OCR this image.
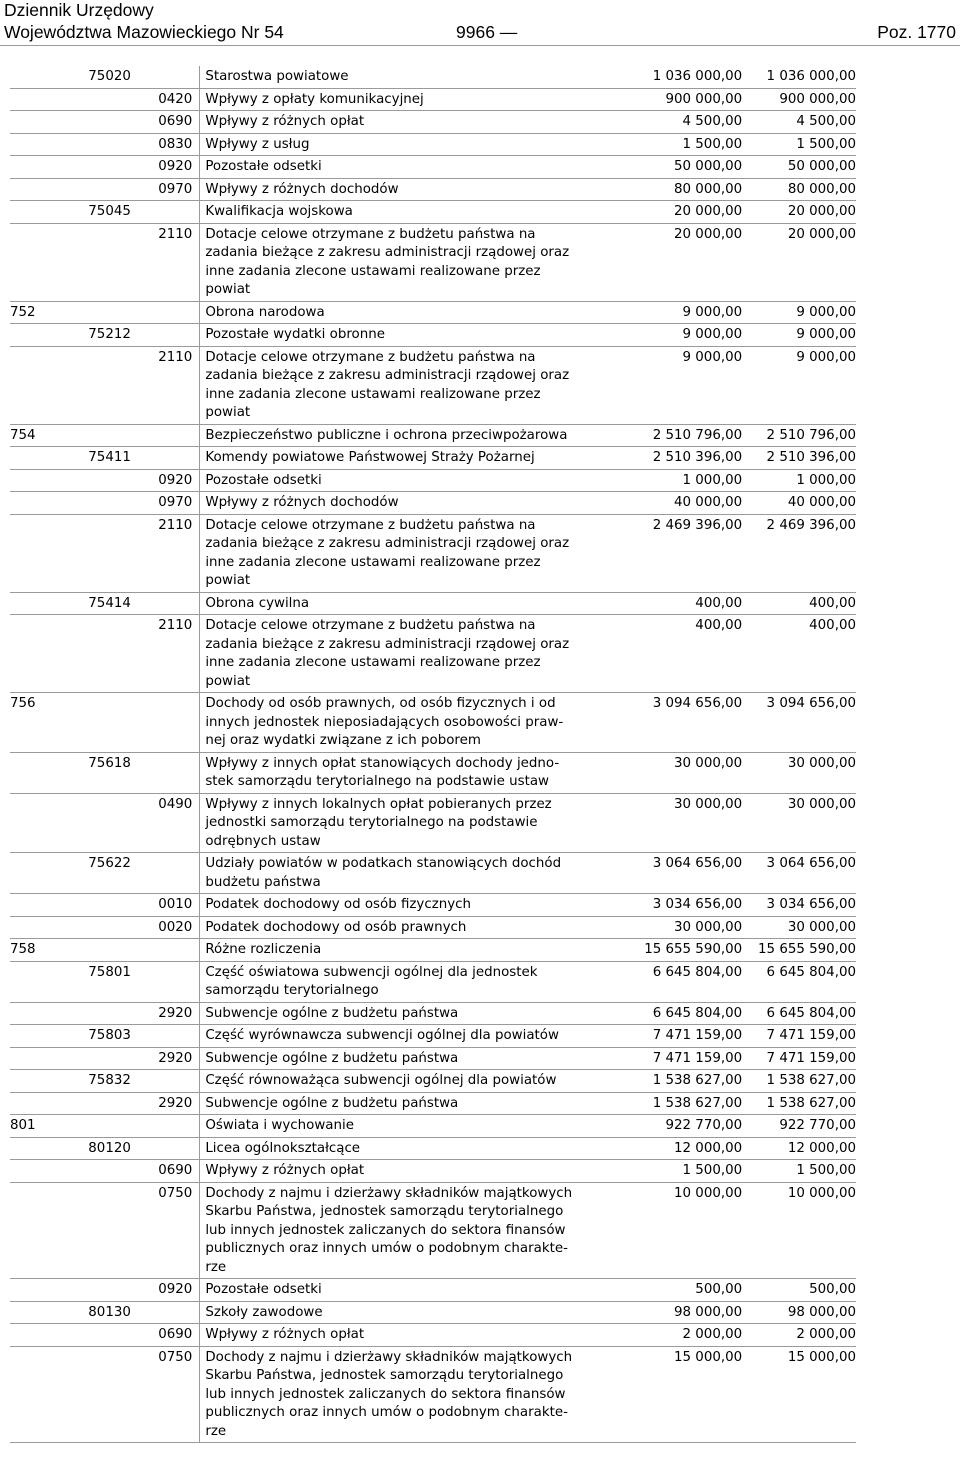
Dziennik Urzędowy
Województwa Mazowieckiego Nr 54	9966 —	Poz. 1770
	75020		Starostwa powiatowe	1 036 000,00	1 036 000,00
		0420	Wpływy z opłaty komunikacyjnej	900 000,00	900 000,00
		0690	Wpływy z różnych opłat	4 500,00	4 500,00
		0830	Wpływy z usług	1 500,00	1 500,00
		0920	Pozostałe odsetki	50 000,00	50 000,00
		0970	Wpływy z różnych dochodów	80 000,00	80 000,00
	75045		Kwalifikacja wojskowa	20 000,00	20 000,00
		2110	Dotacje celowe otrzymane z budżetu państwa na
zadania bieżące z zakresu administracji rządowej oraz
inne zadania zlecone ustawami realizowane przez
powiat	20 000,00	20 000,00
752			Obrona narodowa	9 000,00	9 000,00
	75212		Pozostałe wydatki obronne	9 000,00	9 000,00
		2110	Dotacje celowe otrzymane z budżetu państwa na
zadania bieżące z zakresu administracji rządowej oraz
inne zadania zlecone ustawami realizowane przez
powiat	9 000,00	9 000,00
754			Bezpieczeństwo publiczne i ochrona przeciwpożarowa	2 510 796,00	2 510 796,00
	75411		Komendy powiatowe Państwowej Straży Pożarnej	2 510 396,00	2 510 396,00
		0920	Pozostałe odsetki	1 000,00	1 000,00
		0970	Wpływy z różnych dochodów	40 000,00	40 000,00
		2110	Dotacje celowe otrzymane z budżetu państwa na
zadania bieżące z zakresu administracji rządowej oraz
inne zadania zlecone ustawami realizowane przez
powiat	2 469 396,00	2 469 396,00
	75414		Obrona cywilna	400,00	400,00
		2110	Dotacje celowe otrzymane z budżetu państwa na
zadania bieżące z zakresu administracji rządowej oraz
inne zadania zlecone ustawami realizowane przez
powiat	400,00	400,00
756			Dochody od osób prawnych, od osób fizycznych i od
innych jednostek nieposiadających osobowości praw-
nej oraz wydatki związane z ich poborem	3 094 656,00	3 094 656,00
	75618		Wpływy z innych opłat stanowiących dochody jedno-
stek samorządu terytorialnego na podstawie ustaw	30 000,00	30 000,00
		0490	Wpływy z innych lokalnych opłat pobieranych przez
jednostki samorządu terytorialnego na podstawie
odrębnych ustaw	30 000,00	30 000,00
	75622		Udziały powiatów w podatkach stanowiących dochód
budżetu państwa	3 064 656,00	3 064 656,00
		0010	Podatek dochodowy od osób fizycznych	3 034 656,00	3 034 656,00
		0020	Podatek dochodowy od osób prawnych	30 000,00	30 000,00
758			Różne rozliczenia	15 655 590,00	15 655 590,00
	75801		Część oświatowa subwencji ogólnej dla jednostek
samorządu terytorialnego	6 645 804,00	6 645 804,00
		2920	Subwencje ogólne z budżetu państwa	6 645 804,00	6 645 804,00
	75803		Część wyrównawcza subwencji ogólnej dla powiatów	7 471 159,00	7 471 159,00
		2920	Subwencje ogólne z budżetu państwa	7 471 159,00	7 471 159,00
	75832		Część równoważąca subwencji ogólnej dla powiatów	1 538 627,00	1 538 627,00
		2920	Subwencje ogólne z budżetu państwa	1 538 627,00	1 538 627,00
801			Oświata i wychowanie	922 770,00	922 770,00
	80120		Licea ogólnokształcące	12 000,00	12 000,00
		0690	Wpływy z różnych opłat	1 500,00	1 500,00
		0750	Dochody z najmu i dzierżawy składników majątkowych
Skarbu Państwa, jednostek samorządu terytorialnego
lub innych jednostek zaliczanych do sektora finansów
publicznych oraz innych umów o podobnym charakte-
rze	10 000,00	10 000,00
		0920	Pozostałe odsetki	500,00	500,00
	80130		Szkoły zawodowe	98 000,00	98 000,00
		0690	Wpływy z różnych opłat	2 000,00	2 000,00
		0750	Dochody z najmu i dzierżawy składników majątkowych
Skarbu Państwa, jednostek samorządu terytorialnego
lub innych jednostek zaliczanych do sektora finansów
publicznych oraz innych umów o podobnym charakte-
rze	15 000,00	15 000,00
